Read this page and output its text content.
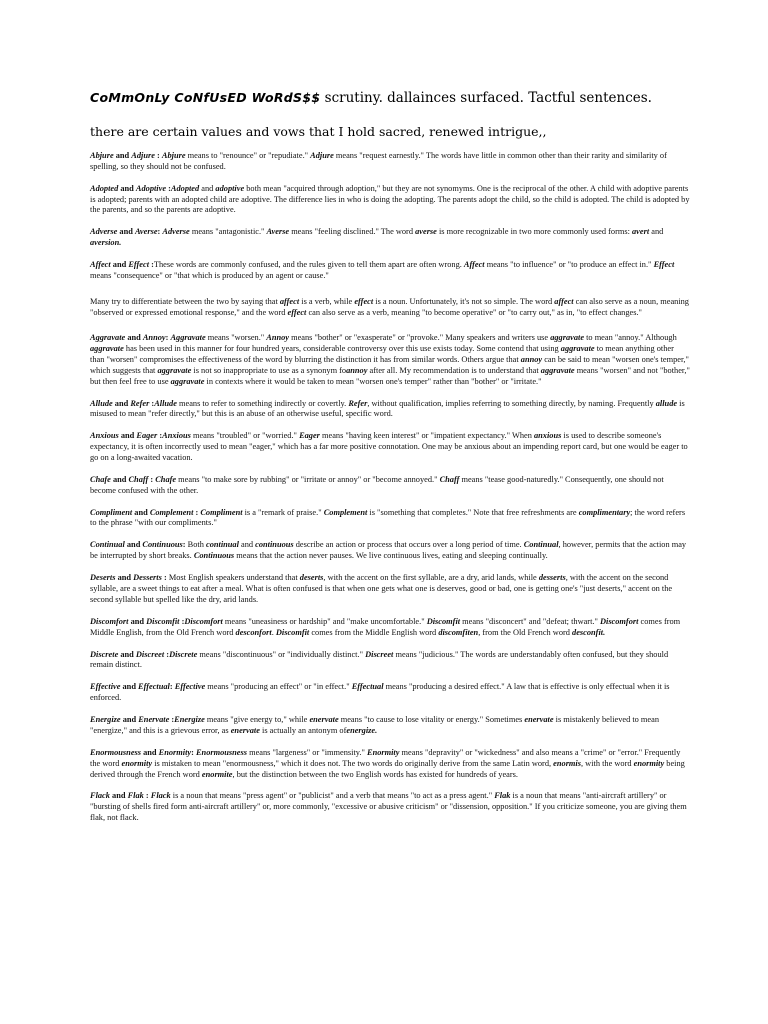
CoMmOnLy CoNfUsED WoRdS$$ scrutiny. dallainces surfaced. Tactful sentences.
there are certain values and vows that I hold sacred, renewed intrigue,,

Abjure and Adjure : Abjure means to "renounce" or "repudiate." Adjure means "request earnestly." The words have little in common other than their rarity and similarity of spelling, so they should not be confused.

Adopted and Adoptive :Adopted and adoptive both mean "acquired through adoption," but they are not synomyms. One is the reciprocal of the other. A child with adoptive parents is adopted; parents with an adopted child are adoptive. The difference lies in who is doing the adopting. The parents adopt the child, so the child is adopted. The child is adopted by the parents, and so the parents are adoptive.

Adverse and Averse: Adverse means "antagonistic." Averse means "feeling disclined." The word averse is more recognizable in two more commonly used forms: avert and aversion.

Affect and Effect :These words are commonly confused, and the rules given to tell them apart are often wrong. Affect means "to influence" or "to produce an effect in." Effect means "consequence" or "that which is produced by an agent or cause."

Many try to differentiate between the two by saying that affect is a verb, while effect is a noun. Unfortunately, it's not so simple. The word affect can also serve as a noun, meaning "observed or expressed emotional response," and the word effect can also serve as a verb, meaning "to become operative" or "to carry out," as in, "to effect changes."

Aggravate and Annoy: Aggravate means "worsen." Annoy means "bother" or "exasperate" or "provoke." Many speakers and writers use aggravate to mean "annoy." Although aggravate has been used in this manner for four hundred years, considerable controversy over this use exists today. Some contend that using aggravate to mean anything other than "worsen" compromises the effectiveness of the word by blurring the distinction it has from similar words. Others argue that annoy can be said to mean "worsen one's temper," which suggests that aggravate is not so inappropriate to use as a synonym foannoy after all. My recommendation is to understand that aggravate means "worsen" and not "bother," but then feel free to use aggravate in contexts where it would be taken to mean "worsen one's temper" rather than "bother" or "irritate."

Allude and Refer :Allude means to refer to something indirectly or covertly. Refer, without qualification, implies referring to something directly, by naming. Frequently allude is misused to mean "refer directly," but this is an abuse of an otherwise useful, specific word.

Anxious and Eager :Anxious means "troubled" or "worried." Eager means "having keen interest" or "impatient expectancy." When anxious is used to describe someone's expectancy, it is often incorrectly used to mean "eager," which has a far more positive connotation. One may be anxious about an impending report card, but one would be eager to go on a long-awaited vacation.

Chafe and Chaff : Chafe means "to make sore by rubbing" or "irritate or annoy" or "become annoyed." Chaff means "tease good-naturedly." Consequently, one should not become confused with the other.

Compliment and Complement : Compliment is a "remark of praise." Complement is "something that completes." Note that free refreshments are complimentary; the word refers to the phrase "with our compliments."

Continual and Continuous: Both continual and continuous describe an action or process that occurs over a long period of time. Continual, however, permits that the action may be interrupted by short breaks. Continuous means that the action never pauses. We live continuous lives, eating and sleeping continually.

Deserts and Desserts : Most English speakers understand that deserts, with the accent on the first syllable, are a dry, arid lands, while desserts, with the accent on the second syllable, are a sweet things to eat after a meal. What is often confused is that when one gets what one is deserves, good or bad, one is getting one's "just deserts," accent on the second syllable but spelled like the dry, arid lands.

Discomfort and Discomfit :Discomfort means "uneasiness or hardship" and "make uncomfortable." Discomfit means "disconcert" and "defeat; thwart." Discomfort comes from Middle English, from the Old French word desconfort. Discomfit comes from the Middle English word discomfiten, from the Old French word desconfit.

Discrete and Discreet :Discrete means "discontinuous" or "individually distinct." Discreet means "judicious." The words are understandably often confused, but they should remain distinct.

Effective and Effectual: Effective means "producing an effect" or "in effect." Effectual means "producing a desired effect." A law that is effective is only effectual when it is enforced.

Energize and Enervate :Energize means "give energy to," while enervate means "to cause to lose vitality or energy." Sometimes enervate is mistakenly believed to mean "energize," and this is a grievous error, as enervate is actually an antonym ofenergize.

Enormousness and Enormity: Enormousness means "largeness" or "immensity." Enormity means "depravity" or "wickedness" and also means a "crime" or "error." Frequently the word enormity is mistaken to mean "enormousness," which it does not. The two words do originally derive from the same Latin word, enormis, with the word enormity being derived through the French word enormite, but the distinction between the two English words has existed for hundreds of years.

Flack and Flak : Flack is a noun that means "press agent" or "publicist" and a verb that means "to act as a press agent." Flak is a noun that means "anti-aircraft artillery" or "bursting of shells fired form anti-aircraft artillery" or, more commonly, "excessive or abusive criticism" or "dissension, opposition." If you criticize someone, you are giving them flak, not flack.
